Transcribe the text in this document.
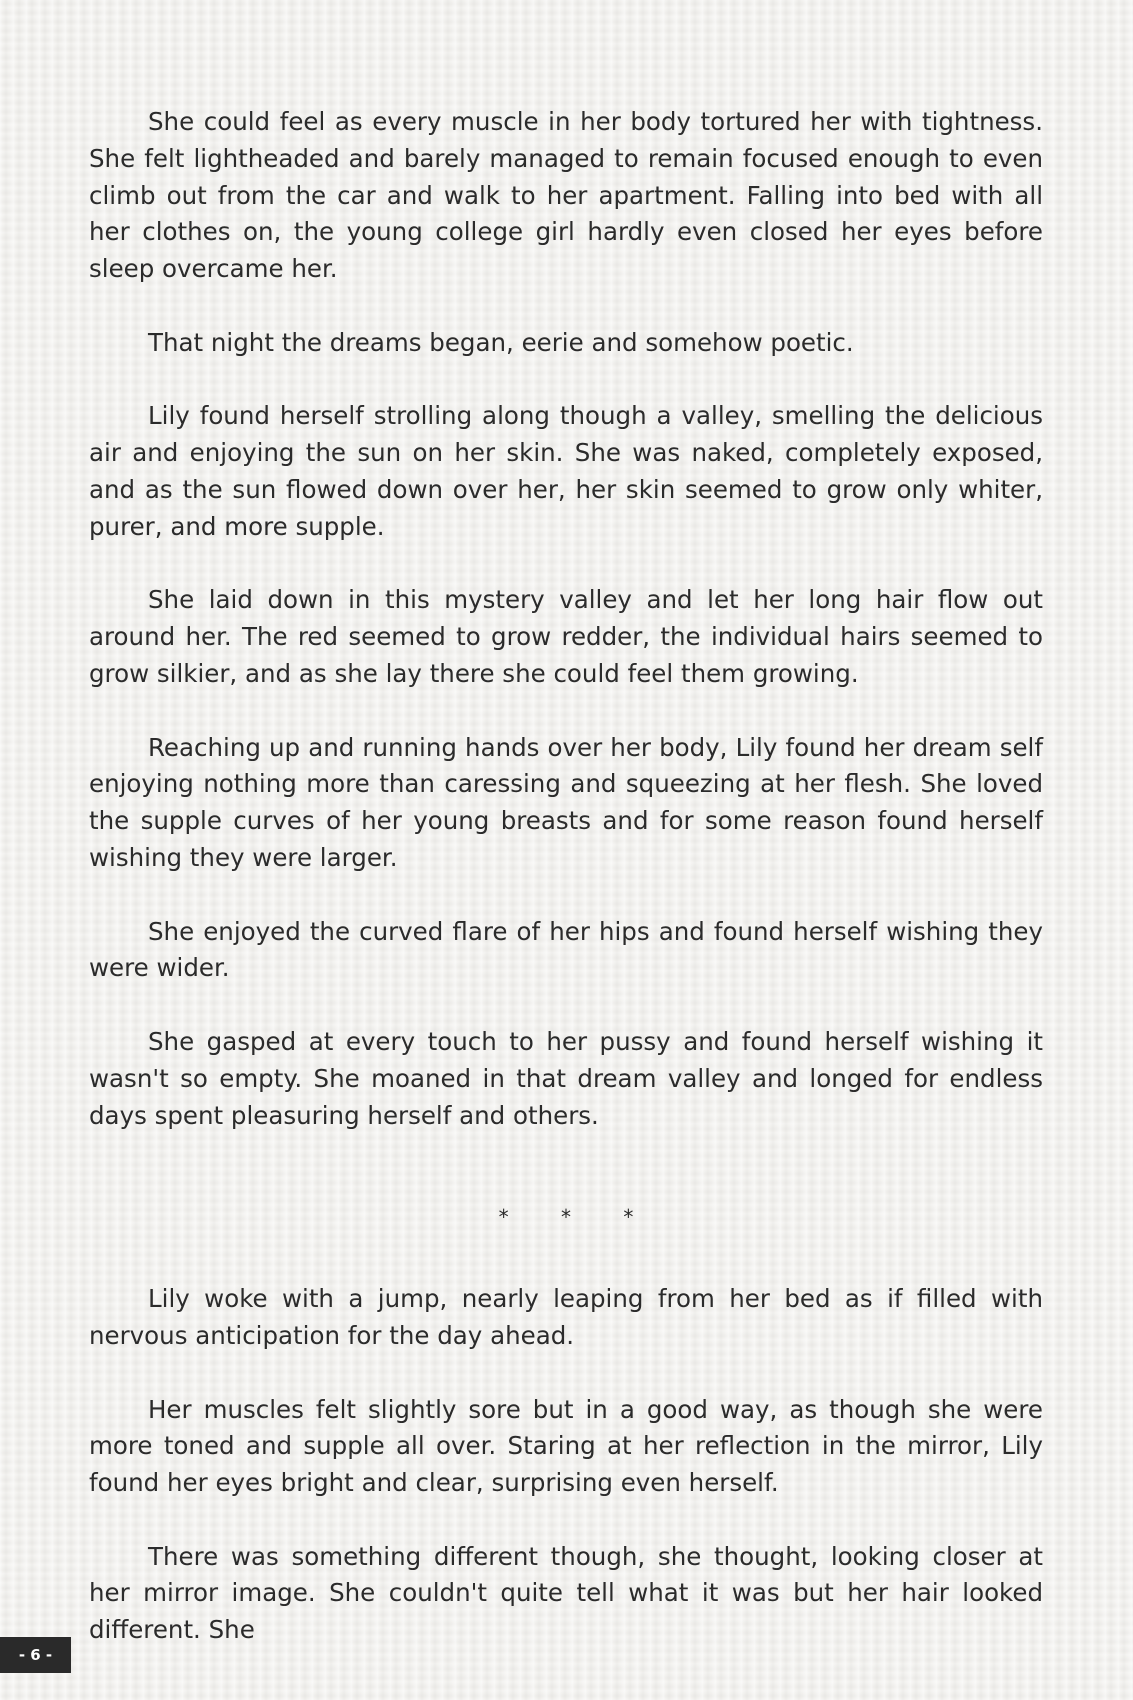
She could feel as every muscle in her body tortured her with tightness. She felt lightheaded and barely managed to remain focused enough to even climb out from the car and walk to her apartment. Falling into bed with all her clothes on, the young college girl hardly even closed her eyes before sleep overcame her.

That night the dreams began, eerie and somehow poetic.

Lily found herself strolling along though a valley, smelling the delicious air and enjoying the sun on her skin. She was naked, completely exposed, and as the sun flowed down over her, her skin seemed to grow only whiter, purer, and more supple.

She laid down in this mystery valley and let her long hair flow out around her. The red seemed to grow redder, the individual hairs seemed to grow silkier, and as she lay there she could feel them growing.

Reaching up and running hands over her body, Lily found her dream self enjoying nothing more than caressing and squeezing at her flesh. She loved the supple curves of her young breasts and for some reason found herself wishing they were larger.

She enjoyed the curved flare of her hips and found herself wishing they were wider.

She gasped at every touch to her pussy and found herself wishing it wasn't so empty. She moaned in that dream valley and longed for endless days spent pleasuring herself and others.

* * *

Lily woke with a jump, nearly leaping from her bed as if filled with nervous anticipation for the day ahead.

Her muscles felt slightly sore but in a good way, as though she were more toned and supple all over. Staring at her reflection in the mirror, Lily found her eyes bright and clear, surprising even herself.

There was something different though, she thought, looking closer at her mirror image. She couldn't quite tell what it was but her hair looked different. She

- 6 -
